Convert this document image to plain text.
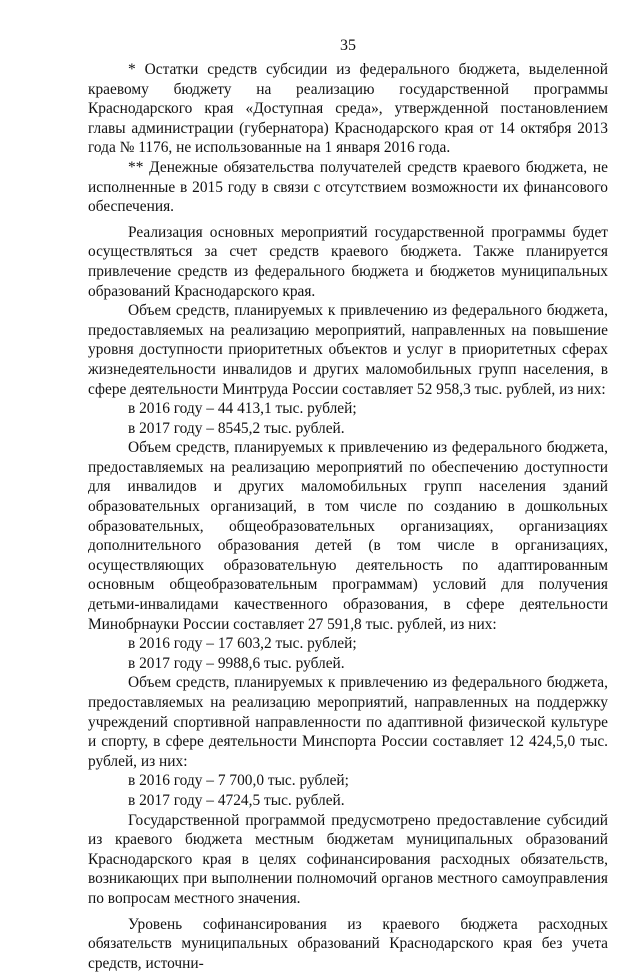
35

* Остатки средств субсидии из федерального бюджета, выделенной краевому бюджету на реализацию государственной программы Краснодарского края «Доступная среда», утвержденной постановлением главы администрации (губернатора) Краснодарского края от 14 октября 2013 года № 1176, не использованные на 1 января 2016 года.

** Денежные обязательства получателей средств краевого бюджета, не исполненные в 2015 году в связи с отсутствием возможности их финансового обеспечения.

Реализация основных мероприятий государственной программы будет осуществляться за счет средств краевого бюджета. Также планируется привлечение средств из федерального бюджета и бюджетов муниципальных образований Краснодарского края.

Объем средств, планируемых к привлечению из федерального бюджета, предоставляемых на реализацию мероприятий, направленных на повышение уровня доступности приоритетных объектов и услуг в приоритетных сферах жизнедеятельности инвалидов и других маломобильных групп населения, в сфере деятельности Минтруда России составляет 52 958,3 тыс. рублей, из них:

в 2016 году – 44 413,1 тыс. рублей;

в 2017 году – 8545,2 тыс. рублей.

Объем средств, планируемых к привлечению из федерального бюджета, предоставляемых на реализацию мероприятий по обеспечению доступности для инвалидов и других маломобильных групп населения зданий образовательных организаций, в том числе по созданию в дошкольных образовательных, общеобразовательных организациях, организациях дополнительного образования детей (в том числе в организациях, осуществляющих образовательную деятельность по адаптированным основным общеобразовательным программам) условий для получения детьми-инвалидами качественного образования, в сфере деятельности Минобрнауки России составляет 27 591,8 тыс. рублей, из них:

в 2016 году – 17 603,2 тыс. рублей;

в 2017 году – 9988,6 тыс. рублей.

Объем средств, планируемых к привлечению из федерального бюджета, предоставляемых на реализацию мероприятий, направленных на поддержку учреждений спортивной направленности по адаптивной физической культуре и спорту, в сфере деятельности Минспорта России составляет 12 424,5,0 тыс. рублей, из них:

в 2016 году – 7 700,0 тыс. рублей;

в 2017 году – 4724,5 тыс. рублей.

Государственной программой предусмотрено предоставление субсидий из краевого бюджета местным бюджетам муниципальных образований Краснодарского края в целях софинансирования расходных обязательств, возникающих при выполнении полномочий органов местного самоуправления по вопросам местного значения.

Уровень софинансирования из краевого бюджета расходных обязательств муниципальных образований Краснодарского края без учета средств, источни-
